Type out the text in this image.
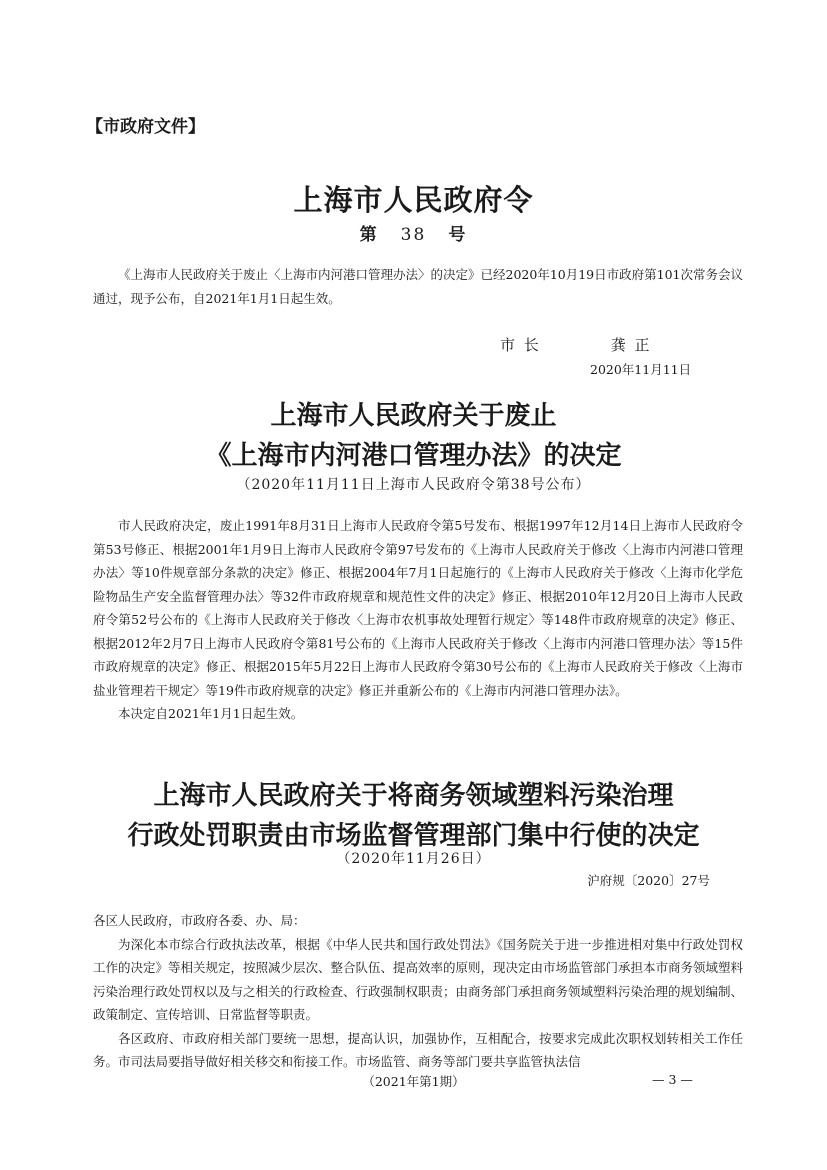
【市政府文件】
上海市人民政府令
第 38 号

《上海市人民政府关于废止〈上海市内河港口管理办法〉的决定》已经2020年10月19日市政府第101次常务会议通过，现予公布，自2021年1月1日起生效。

市 长	龚 正
2020年11月11日
上海市人民政府关于废止
《上海市内河港口管理办法》的决定
（2020年11月11日上海市人民政府令第38号公布）

市人民政府决定，废止1991年8月31日上海市人民政府令第5号发布、根据1997年12月14日上海市人民政府令第53号修正、根据2001年1月9日上海市人民政府令第97号发布的《上海市人民政府关于修改〈上海市内河港口管理办法〉等10件规章部分条款的决定》修正、根据2004年7月1日起施行的《上海市人民政府关于修改〈上海市化学危险物品生产安全监督管理办法〉等32件市政府规章和规范性文件的决定》修正、根据2010年12月20日上海市人民政府令第52号公布的《上海市人民政府关于修改〈上海市农机事故处理暂行规定〉等148件市政府规章的决定》修正、根据2012年2月7日上海市人民政府令第81号公布的《上海市人民政府关于修改〈上海市内河港口管理办法〉等15件市政府规章的决定》修正、根据2015年5月22日上海市人民政府令第30号公布的《上海市人民政府关于修改〈上海市盐业管理若干规定〉等19件市政府规章的决定》修正并重新公布的《上海市内河港口管理办法》。

本决定自2021年1月1日起生效。

上海市人民政府关于将商务领域塑料污染治理
行政处罚职责由市场监督管理部门集中行使的决定
（2020年11月26日）
沪府规〔2020〕27号

各区人民政府，市政府各委、办、局：

为深化本市综合行政执法改革，根据《中华人民共和国行政处罚法》《国务院关于进一步推进相对集中行政处罚权工作的决定》等相关规定，按照减少层次、整合队伍、提高效率的原则，现决定由市场监管部门承担本市商务领域塑料污染治理行政处罚权以及与之相关的行政检查、行政强制权职责；由商务部门承担商务领域塑料污染治理的规划编制、政策制定、宣传培训、日常监督等职责。

各区政府、市政府相关部门要统一思想，提高认识，加强协作，互相配合，按要求完成此次职权划转相关工作任务。市司法局要指导做好相关移交和衔接工作。市场监管、商务等部门要共享监管执法信

（2021年第1期）	— 3 —
